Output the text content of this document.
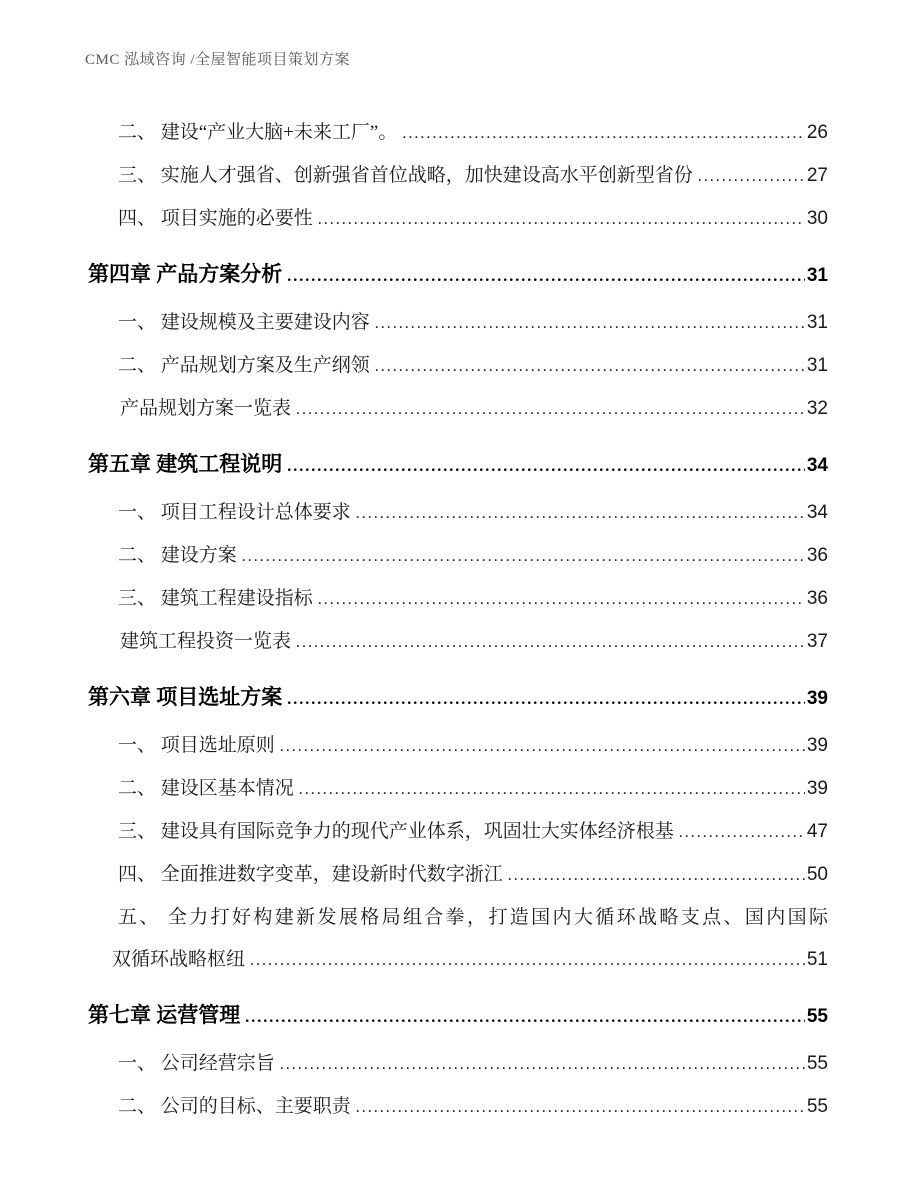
CMC 泓域咨询 /全屋智能项目策划方案
二、 建设“产业大脑+未来工厂”。 .....	26
三、 实施人才强省、创新强省首位战略，加快建设高水平创新型省份 .....	27
四、 项目实施的必要性 .....	30
第四章 产品方案分析 .....	31
一、 建设规模及主要建设内容 .....	31
二、 产品规划方案及生产纲领 .....	31
产品规划方案一览表 .....	32
第五章 建筑工程说明 .....	34
一、 项目工程设计总体要求 .....	34
二、 建设方案 .....	36
三、 建筑工程建设指标 .....	36
建筑工程投资一览表 .....	37
第六章 项目选址方案 .....	39
一、 项目选址原则 .....	39
二、 建设区基本情况 .....	39
三、 建设具有国际竞争力的现代产业体系，巩固壮大实体经济根基 .....	47
四、 全面推进数字变革，建设新时代数字浙江 .....	50
五、 全力打好构建新发展格局组合拳，打造国内大循环战略支点、国内国际
双循环战略枢纽 .....	51
第七章 运营管理 .....	55
一、 公司经营宗旨 .....	55
二、 公司的目标、主要职责 .....	55
